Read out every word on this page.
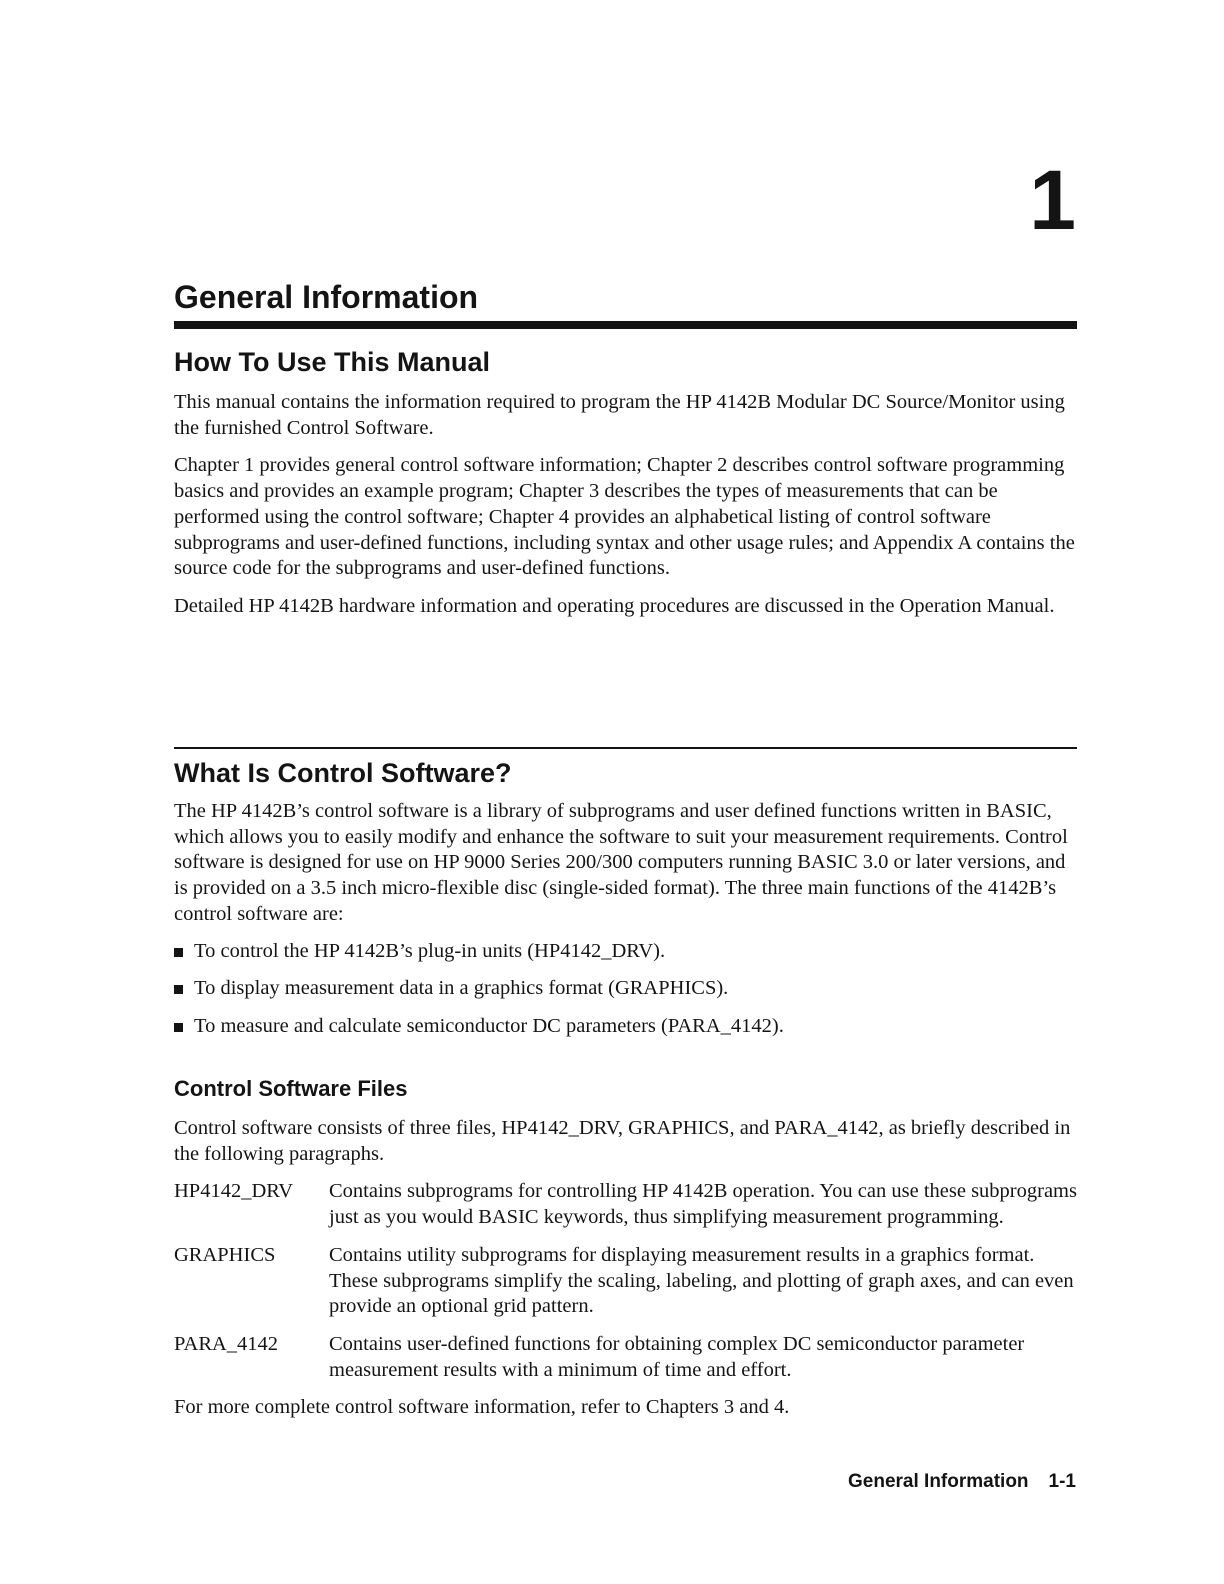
1
General Information
How To Use This Manual

This manual contains the information required to program the HP 4142B Modular DC Source/Monitor using the furnished Control Software.

Chapter 1 provides general control software information; Chapter 2 describes control software programming basics and provides an example program; Chapter 3 describes the types of measurements that can be performed using the control software; Chapter 4 provides an alphabetical listing of control software subprograms and user-defined functions, including syntax and other usage rules; and Appendix A contains the source code for the subprograms and user-defined functions.

Detailed HP 4142B hardware information and operating procedures are discussed in the Operation Manual.

What Is Control Software?

The HP 4142B’s control software is a library of subprograms and user defined functions written in BASIC, which allows you to easily modify and enhance the software to suit your measurement requirements. Control software is designed for use on HP 9000 Series 200/300 computers running BASIC 3.0 or later versions, and is provided on a 3.5 inch micro-flexible disc (single-sided format). The three main functions of the 4142B’s control software are:

To control the HP 4142B’s plug-in units (HP4142_DRV).
To display measurement data in a graphics format (GRAPHICS).
To measure and calculate semiconductor DC parameters (PARA_4142).
Control Software Files

Control software consists of three files, HP4142_DRV, GRAPHICS, and PARA_4142, as briefly described in the following paragraphs.

HP4142_DRV	Contains subprograms for controlling HP 4142B operation. You can use these subprograms just as you would BASIC keywords, thus simplifying measurement programming.
GRAPHICS	Contains utility subprograms for displaying measurement results in a graphics format. These subprograms simplify the scaling, labeling, and plotting of graph axes, and can even provide an optional grid pattern.
PARA_4142	Contains user-defined functions for obtaining complex DC semiconductor parameter measurement results with a minimum of time and effort.

For more complete control software information, refer to Chapters 3 and 4.

General Information 1-1
